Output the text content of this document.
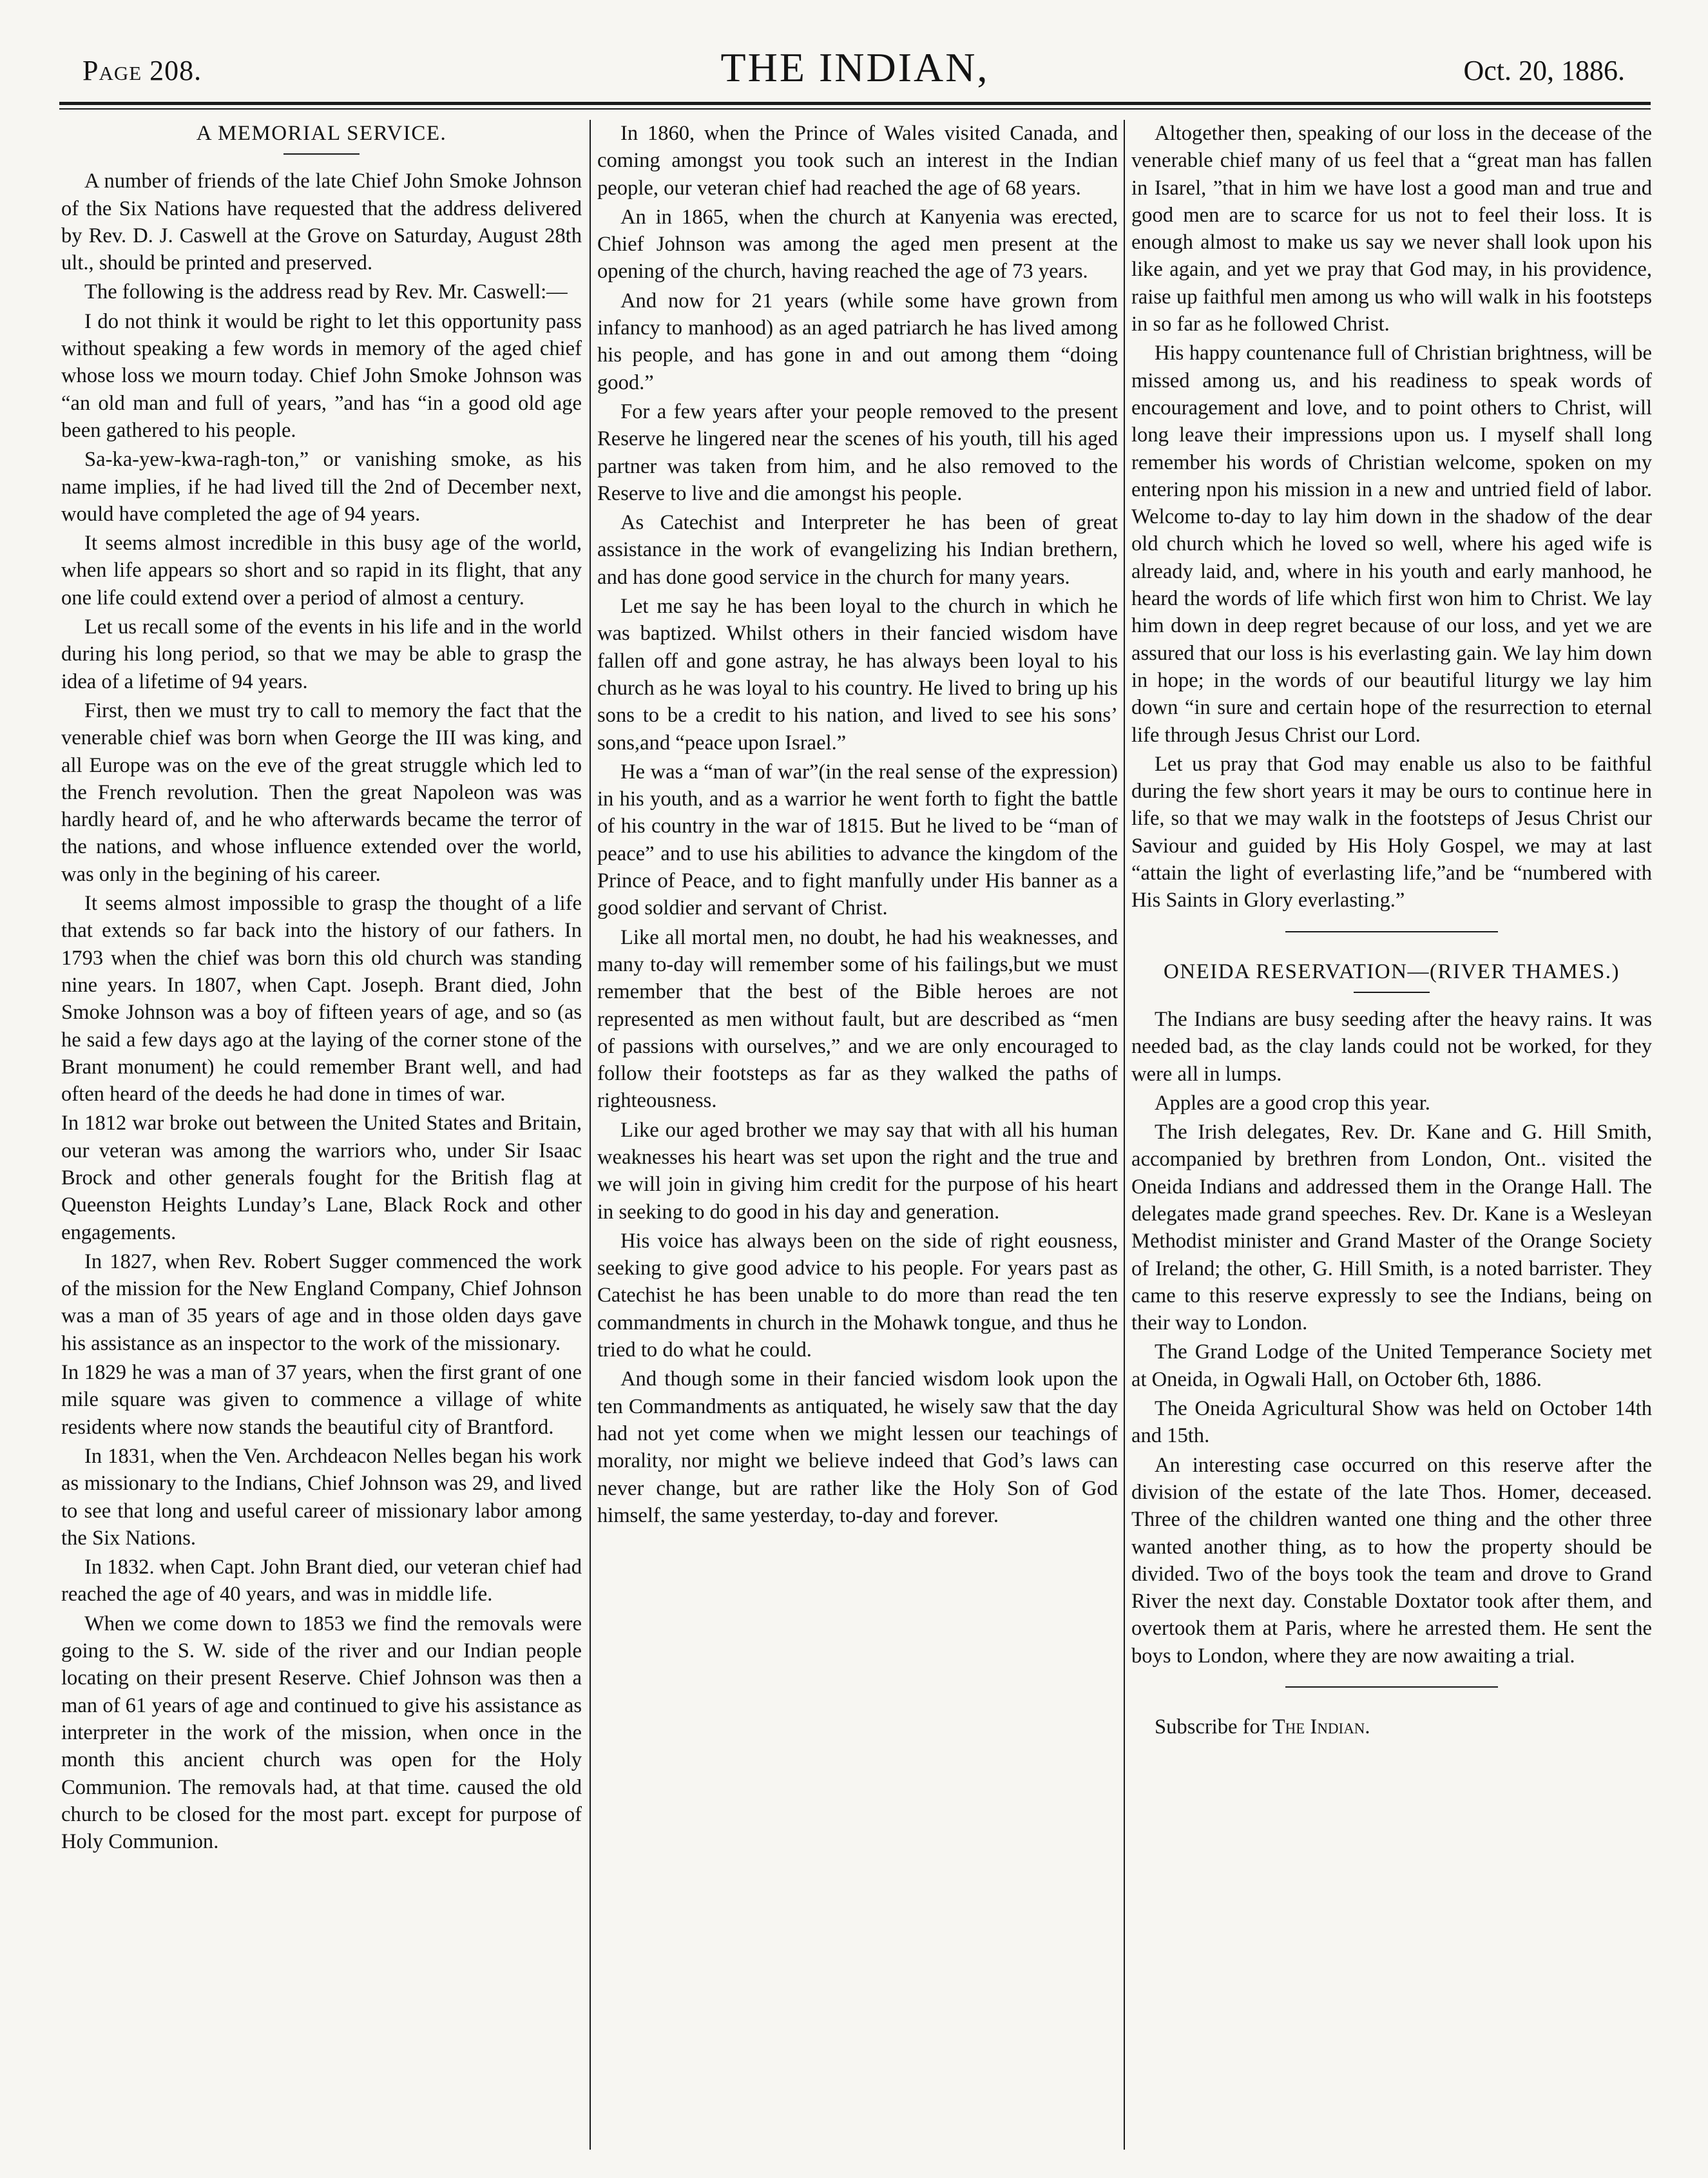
Page 208.	THE INDIAN,	Oct. 20, 1886.
A MEMORIAL SERVICE.

A number of friends of the late Chief John Smoke Johnson of the Six Nations have requested that the address delivered by Rev. D. J. Caswell at the Grove on Saturday, August 28th ult., should be printed and preserved.

The following is the address read by Rev. Mr. Caswell:—

I do not think it would be right to let this opportunity pass without speaking a few words in memory of the aged chief whose loss we mourn today. Chief John Smoke Johnson was “an old man and full of years, ”and has “in a good old age been gathered to his people.

Sa-ka-yew-kwa-ragh-ton,” or vanishing smoke, as his name implies, if he had lived till the 2nd of December next, would have completed the age of 94 years.

It seems almost incredible in this busy age of the world, when life appears so short and so rapid in its flight, that any one life could extend over a period of almost a century.

Let us recall some of the events in his life and in the world during his long period, so that we may be able to grasp the idea of a lifetime of 94 years.

First, then we must try to call to memory the fact that the venerable chief was born when George the III was king, and all Europe was on the eve of the great struggle which led to the French revolution. Then the great Napoleon was was hardly heard of, and he who afterwards became the terror of the nations, and whose influence extended over the world, was only in the begining of his career.

It seems almost impossible to grasp the thought of a life that extends so far back into the history of our fathers. In 1793 when the chief was born this old church was standing nine years. In 1807, when Capt. Joseph. Brant died, John Smoke Johnson was a boy of fifteen years of age, and so (as he said a few days ago at the laying of the corner stone of the Brant monument) he could remember Brant well, and had often heard of the deeds he had done in times of war.

In 1812 war broke out between the United States and Britain, our veteran was among the warriors who, under Sir Isaac Brock and other generals fought for the British flag at Queenston Heights Lunday’s Lane, Black Rock and other engagements.

In 1827, when Rev. Robert Sugger commenced the work of the mission for the New England Company, Chief Johnson was a man of 35 years of age and in those olden days gave his assistance as an inspector to the work of the missionary.

In 1829 he was a man of 37 years, when the first grant of one mile square was given to commence a village of white residents where now stands the beautiful city of Brantford.

In 1831, when the Ven. Archdeacon Nelles began his work as missionary to the Indians, Chief Johnson was 29, and lived to see that long and useful career of missionary labor among the Six Nations.

In 1832. when Capt. John Brant died, our veteran chief had reached the age of 40 years, and was in middle life.

When we come down to 1853 we find the removals were going to the S. W. side of the river and our Indian people locating on their present Reserve. Chief Johnson was then a man of 61 years of age and continued to give his assistance as interpreter in the work of the mission, when once in the month this ancient church was open for the Holy Communion. The removals had, at that time. caused the old church to be closed for the most part. except for purpose of Holy Communion.

In 1860, when the Prince of Wales visited Canada, and coming amongst you took such an interest in the Indian people, our veteran chief had reached the age of 68 years.

An in 1865, when the church at Kanyenia was erected, Chief Johnson was among the aged men present at the opening of the church, having reached the age of 73 years.

And now for 21 years (while some have grown from infancy to manhood) as an aged patriarch he has lived among his people, and has gone in and out among them “doing good.”

For a few years after your people removed to the present Reserve he lingered near the scenes of his youth, till his aged partner was taken from him, and he also removed to the Reserve to live and die amongst his people.

As Catechist and Interpreter he has been of great assistance in the work of evangelizing his Indian brethern, and has done good service in the church for many years.

Let me say he has been loyal to the church in which he was baptized. Whilst others in their fancied wisdom have fallen off and gone astray, he has always been loyal to his church as he was loyal to his country. He lived to bring up his sons to be a credit to his nation, and lived to see his sons’ sons,and “peace upon Israel.”

He was a “man of war”(in the real sense of the expression) in his youth, and as a warrior he went forth to fight the battle of his country in the war of 1815. But he lived to be “man of peace” and to use his abilities to advance the kingdom of the Prince of Peace, and to fight manfully under His banner as a good soldier and servant of Christ.

Like all mortal men, no doubt, he had his weaknesses, and many to-day will remember some of his failings,but we must remember that the best of the Bible heroes are not represented as men without fault, but are described as “men of passions with ourselves,” and we are only encouraged to follow their footsteps as far as they walked the paths of righteousness.

Like our aged brother we may say that with all his human weaknesses his heart was set upon the right and the true and we will join in giving him credit for the purpose of his heart in seeking to do good in his day and generation.

His voice has always been on the side of right eousness, seeking to give good advice to his people. For years past as Catechist he has been unable to do more than read the ten commandments in church in the Mohawk tongue, and thus he tried to do what he could.

And though some in their fancied wisdom look upon the ten Commandments as antiquated, he wisely saw that the day had not yet come when we might lessen our teachings of morality, nor might we believe indeed that God’s laws can never change, but are rather like the Holy Son of God himself, the same yesterday, to-day and forever.

Altogether then, speaking of our loss in the decease of the venerable chief many of us feel that a “great man has fallen in Isarel, ”that in him we have lost a good man and true and good men are to scarce for us not to feel their loss. It is enough almost to make us say we never shall look upon his like again, and yet we pray that God may, in his providence, raise up faithful men among us who will walk in his footsteps in so far as he followed Christ.

His happy countenance full of Christian brightness, will be missed among us, and his readiness to speak words of encouragement and love, and to point others to Christ, will long leave their impressions upon us. I myself shall long remember his words of Christian welcome, spoken on my entering npon his mission in a new and untried field of labor. Welcome to-day to lay him down in the shadow of the dear old church which he loved so well, where his aged wife is already laid, and, where in his youth and early manhood, he heard the words of life which first won him to Christ. We lay him down in deep regret because of our loss, and yet we are assured that our loss is his everlasting gain. We lay him down in hope; in the words of our beautiful liturgy we lay him down “in sure and certain hope of the resurrection to eternal life through Jesus Christ our Lord.

Let us pray that God may enable us also to be faithful during the few short years it may be ours to continue here in life, so that we may walk in the footsteps of Jesus Christ our Saviour and guided by His Holy Gospel, we may at last “attain the light of everlasting life,”and be “numbered with His Saints in Glory everlasting.”

ONEIDA RESERVATION—(RIVER THAMES.)

The Indians are busy seeding after the heavy rains. It was needed bad, as the clay lands could not be worked, for they were all in lumps.

Apples are a good crop this year.

The Irish delegates, Rev. Dr. Kane and G. Hill Smith, accompanied by brethren from London, Ont.. visited the Oneida Indians and addressed them in the Orange Hall. The delegates made grand speeches. Rev. Dr. Kane is a Wesleyan Methodist minister and Grand Master of the Orange Society of Ireland; the other, G. Hill Smith, is a noted barrister. They came to this reserve expressly to see the Indians, being on their way to London.

The Grand Lodge of the United Temperance Society met at Oneida, in Ogwali Hall, on October 6th, 1886.

The Oneida Agricultural Show was held on October 14th and 15th.

An interesting case occurred on this reserve after the division of the estate of the late Thos. Homer, deceased. Three of the children wanted one thing and the other three wanted another thing, as to how the property should be divided. Two of the boys took the team and drove to Grand River the next day. Constable Doxtator took after them, and overtook them at Paris, where he arrested them. He sent the boys to London, where they are now awaiting a trial.

Subscribe for The Indian.
